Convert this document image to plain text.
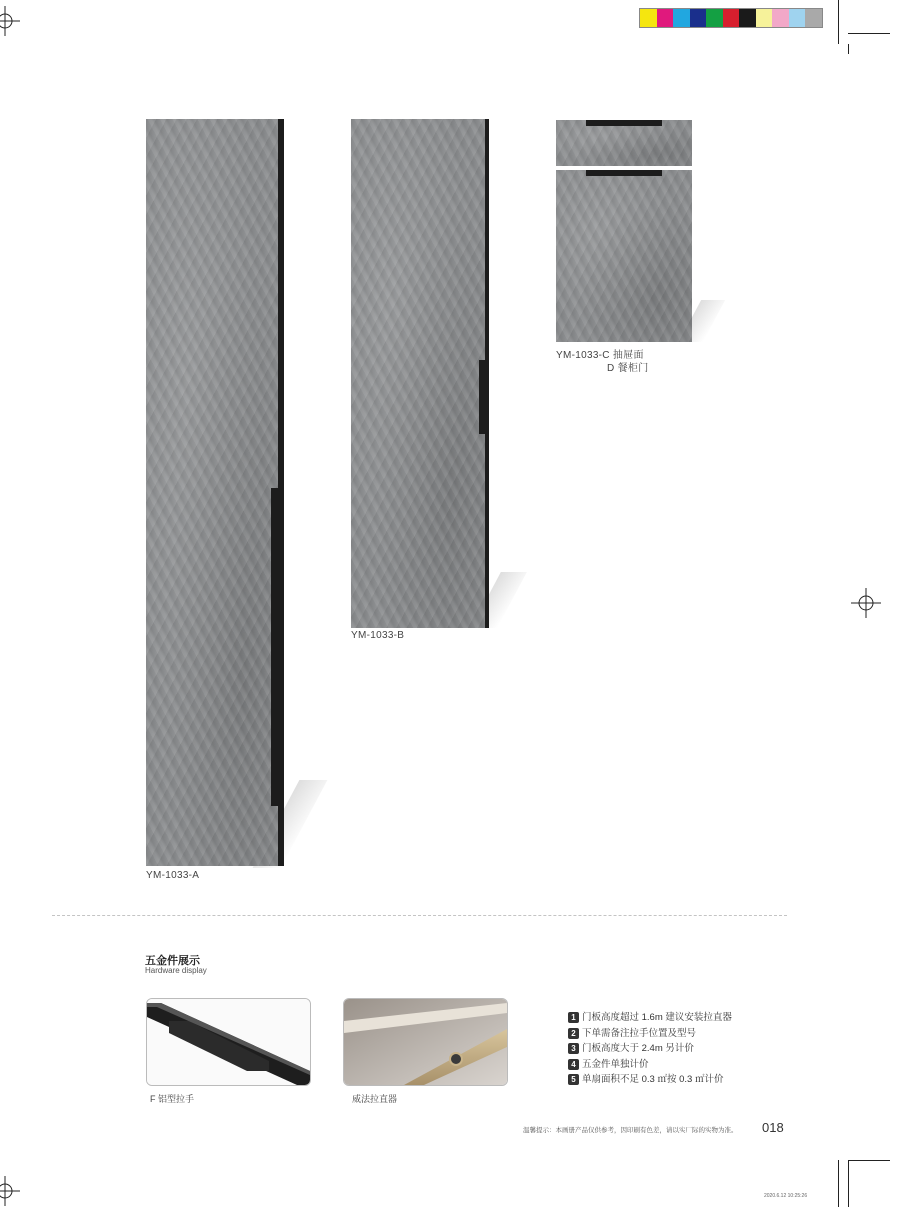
YM-1033-A
YM-1033-B
YM-1033-C 抽屉面
D 餐柜门
五金件展示
Hardware display
F 铝型拉手	威法拉直器
1 门板高度超过 1.6m 建议安装拉直器
2 下单需备注拉手位置及型号
3 门板高度大于 2.4m 另计价
4 五金件单独计价
5 单扇面积不足 0.3 ㎡按 0.3 ㎡计价
温馨提示：本画册产品仅供参考，因印刷有色差，请以实厂际的实物为准。 018
2020.6.12 10:25:26
